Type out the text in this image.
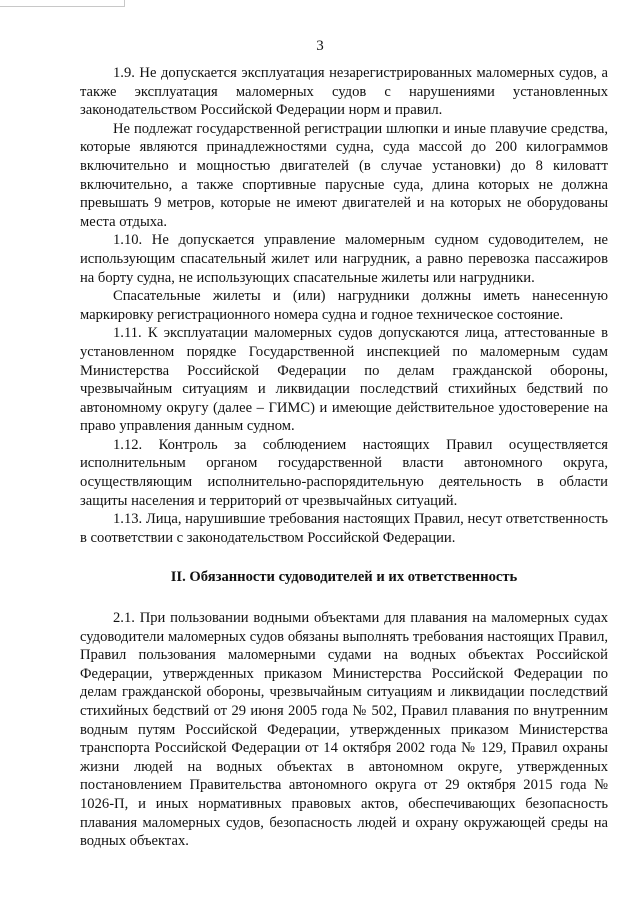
3

1.9. Не допускается эксплуатация незарегистрированных маломерных судов, а также эксплуатация маломерных судов с нарушениями установленных законодательством Российской Федерации норм и правил.

Не подлежат государственной регистрации шлюпки и иные плавучие средства, которые являются принадлежностями судна, суда массой до 200 килограммов включительно и мощностью двигателей (в случае установки) до 8 киловатт включительно, а также спортивные парусные суда, длина которых не должна превышать 9 метров, которые не имеют двигателей и на которых не оборудованы места отдыха.

1.10. Не допускается управление маломерным судном судоводителем, не использующим спасательный жилет или нагрудник, а равно перевозка пассажиров на борту судна, не использующих спасательные жилеты или нагрудники.

Спасательные жилеты и (или) нагрудники должны иметь нанесенную маркировку регистрационного номера судна и годное техническое состояние.

1.11. К эксплуатации маломерных судов допускаются лица, аттестованные в установленном порядке Государственной инспекцией по маломерным судам Министерства Российской Федерации по делам гражданской обороны, чрезвычайным ситуациям и ликвидации последствий стихийных бедствий по автономному округу (далее – ГИМС) и имеющие действительное удостоверение на право управления данным судном.

1.12. Контроль за соблюдением настоящих Правил осуществляется исполнительным органом государственной власти автономного округа, осуществляющим исполнительно-распорядительную деятельность в области защиты населения и территорий от чрезвычайных ситуаций.

1.13. Лица, нарушившие требования настоящих Правил, несут ответственность в соответствии с законодательством Российской Федерации.

II. Обязанности судоводителей и их ответственность

2.1. При пользовании водными объектами для плавания на маломерных судах судоводители маломерных судов обязаны выполнять требования настоящих Правил, Правил пользования маломерными судами на водных объектах Российской Федерации, утвержденных приказом Министерства Российской Федерации по делам гражданской обороны, чрезвычайным ситуациям и ликвидации последствий стихийных бедствий от 29 июня 2005 года № 502, Правил плавания по внутренним водным путям Российской Федерации, утвержденных приказом Министерства транспорта Российской Федерации от 14 октября 2002 года № 129, Правил охраны жизни людей на водных объектах в автономном округе, утвержденных постановлением Правительства автономного округа от 29 октября 2015 года № 1026-П, и иных нормативных правовых актов, обеспечивающих безопасность плавания маломерных судов, безопасность людей и охрану окружающей среды на водных объектах.
